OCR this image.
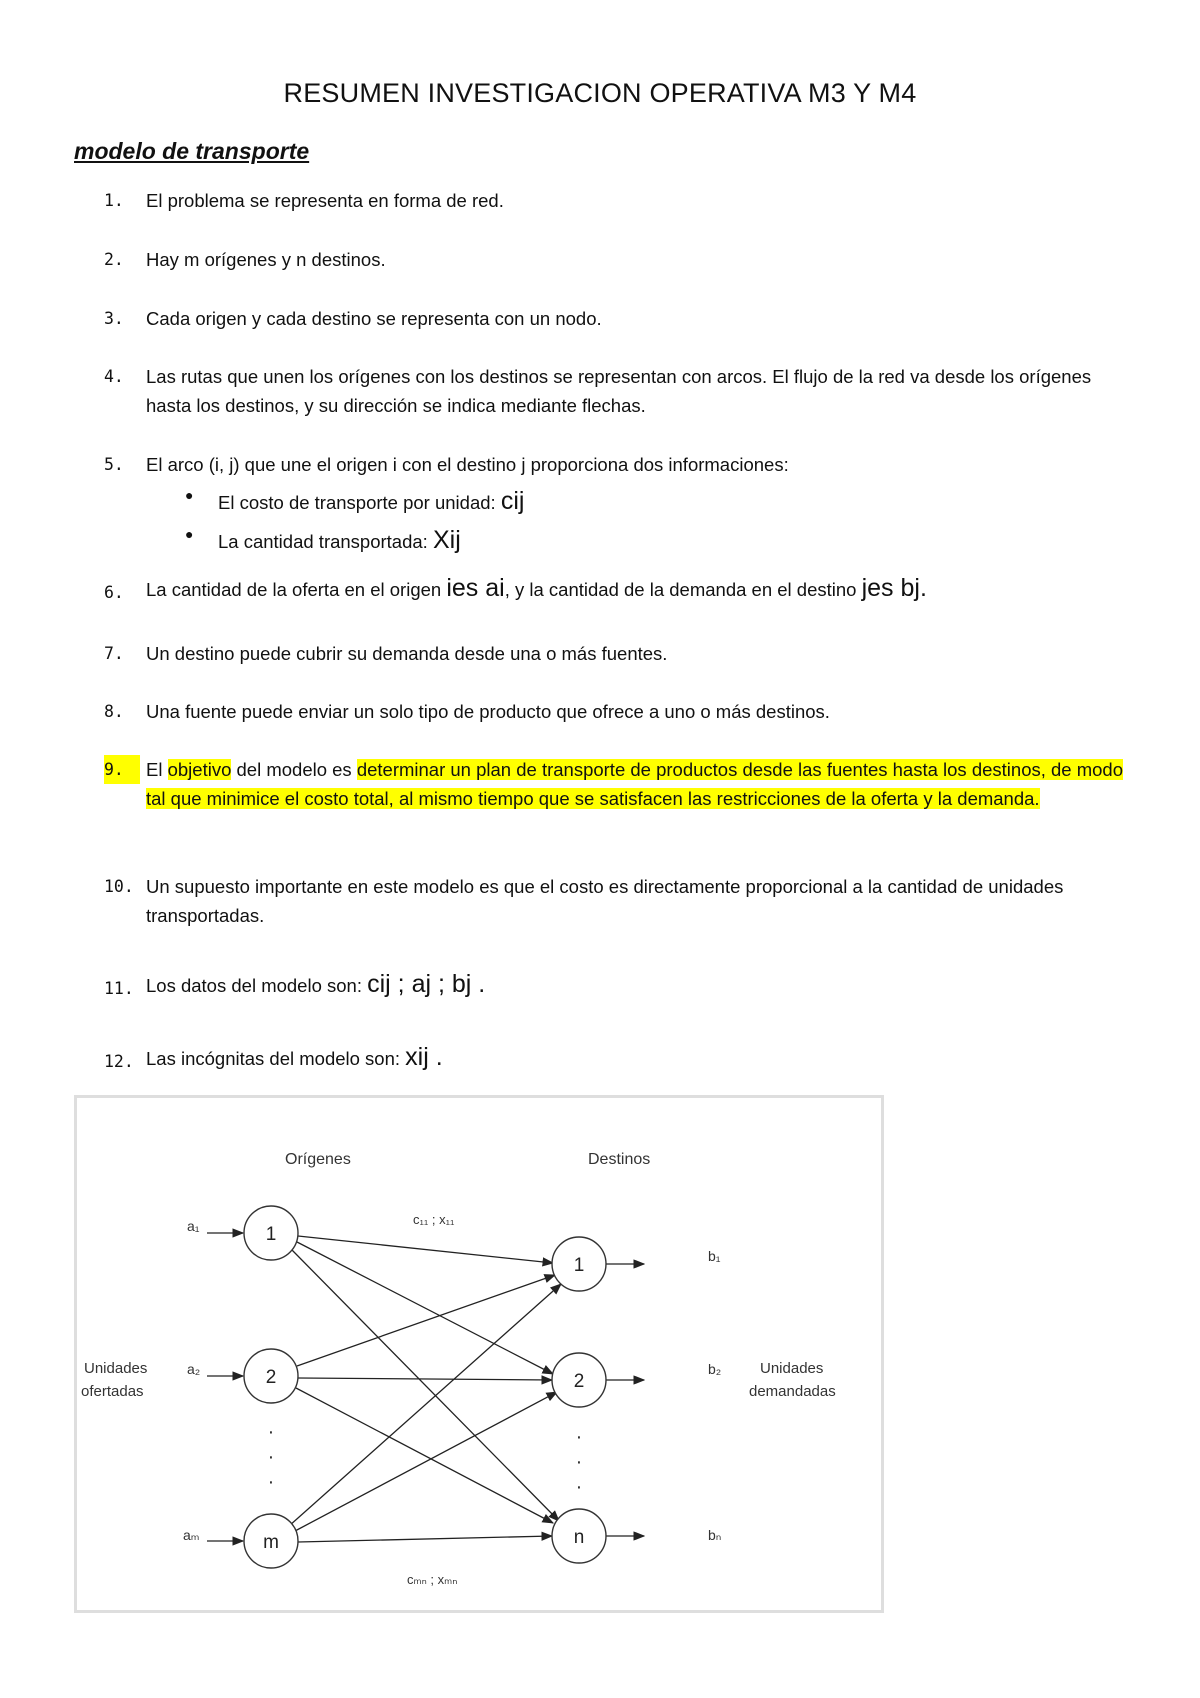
RESUMEN INVESTIGACION OPERATIVA M3 Y M4
modelo de transporte
1.	El problema se representa en forma de red.
2.	Hay m orígenes y n destinos.
3.	Cada origen y cada destino se representa con un nodo.
4.	Las rutas que unen los orígenes con los destinos se representan con arcos. El flujo de la red va desde los orígenes hasta los destinos, y su dirección se indica mediante flechas.
5.	El arco (i, j) que une el origen i con el destino j proporciona dos informaciones:
● El costo de transporte por unidad: cij
● La cantidad transportada: Xij
6.	La cantidad de la oferta en el origen ies ai, y la cantidad de la demanda en el destino jes bj.
7.	Un destino puede cubrir su demanda desde una o más fuentes.
8.	Una fuente puede enviar un solo tipo de producto que ofrece a uno o más destinos.
9.	El objetivo del modelo es determinar un plan de transporte de productos desde las fuentes hasta los destinos, de modo tal que minimice el costo total, al mismo tiempo que se satisfacen las restricciones de la oferta y la demanda.
10. Un supuesto importante en este modelo es que el costo es directamente proporcional a la cantidad de unidades transportadas.
11. Los datos del modelo son: cij ; aj ; bj .
12. Las incógnitas del modelo son: xij .
Orígenes	Destinos
Unidades
ofertadas
Unidades
demandadas
a₁
a₂
aₘ
b₁
b₂
bₙ
c₁₁ ; x₁₁
cₘₙ ; xₘₙ
1
2
m
1
2
n
·
·
·
·
·
·
